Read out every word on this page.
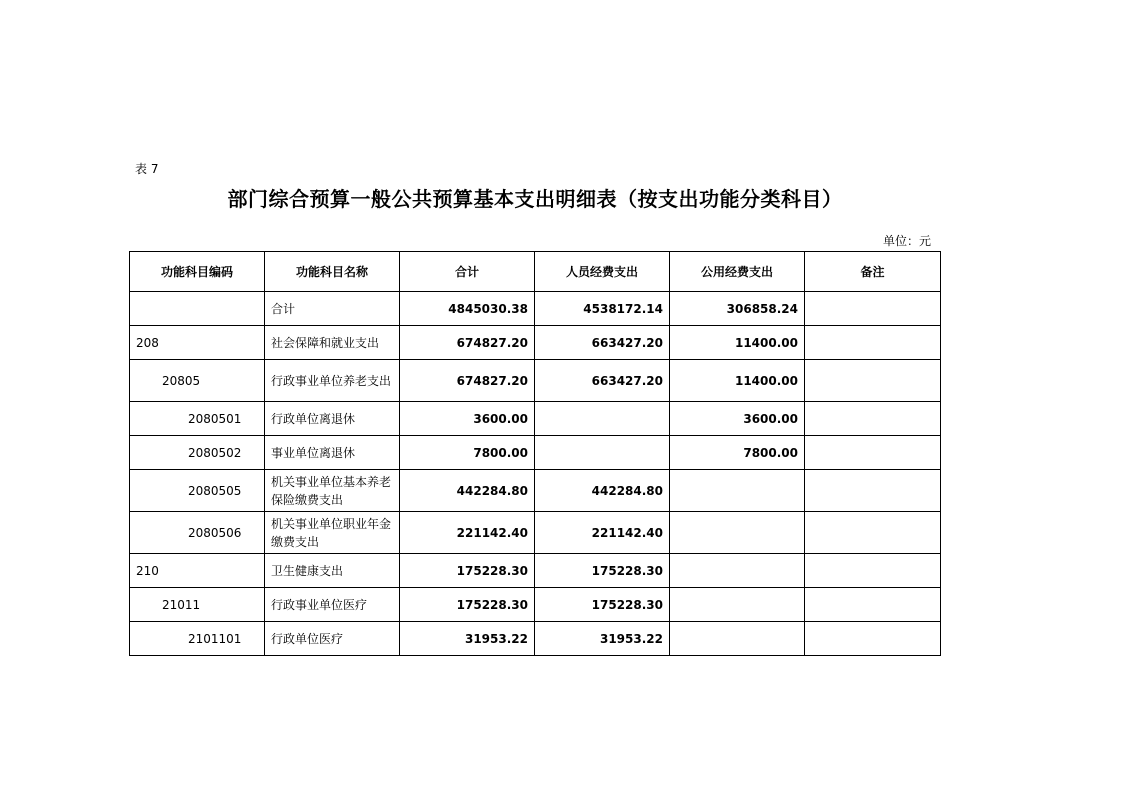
表 7
部门综合预算一般公共预算基本支出明细表（按支出功能分类科目）
单位：元
功能科目编码	功能科目名称	合计	人员经费支出	公用经费支出	备注
	合计	4845030.38	4538172.14	306858.24	
208	社会保障和就业支出	674827.20	663427.20	11400.00	
20805	行政事业单位养老支出	674827.20	663427.20	11400.00	
2080501	行政单位离退休	3600.00		3600.00	
2080502	事业单位离退休	7800.00		7800.00	
2080505	机关事业单位基本养老保险缴费支出	442284.80	442284.80		
2080506	机关事业单位职业年金缴费支出	221142.40	221142.40		
210	卫生健康支出	175228.30	175228.30		
21011	行政事业单位医疗	175228.30	175228.30		
2101101	行政单位医疗	31953.22	31953.22		
